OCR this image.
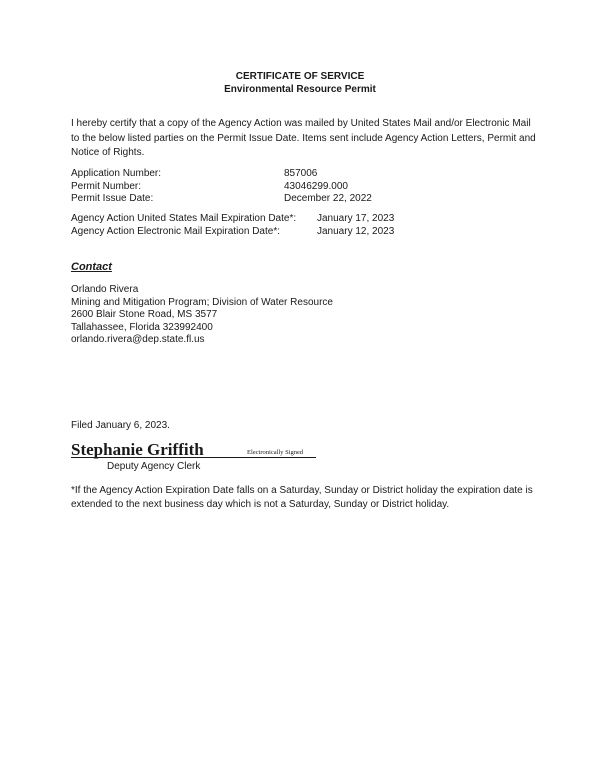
CERTIFICATE OF SERVICE
Environmental Resource Permit
I hereby certify that a copy of the Agency Action was mailed by United States Mail and/or Electronic Mail to the below listed parties on the Permit Issue Date. Items sent include Agency Action Letters, Permit and Notice of Rights.
Application Number:	857006
Permit Number:	43046299.000
Permit Issue Date:	December 22, 2022
Agency Action United States Mail Expiration Date*:	January 17, 2023
Agency Action Electronic Mail Expiration Date*:	January 12, 2023
Contact
Orlando Rivera
Mining and Mitigation Program; Division of Water Resource
2600 Blair Stone Road, MS 3577
Tallahassee, Florida 323992400
orlando.rivera@dep.state.fl.us
Filed January 6, 2023.
Stephanie Griffith	Electronically Signed
Deputy Agency Clerk
*If the Agency Action Expiration Date falls on a Saturday, Sunday or District holiday the expiration date is extended to the next business day which is not a Saturday, Sunday or District holiday.
